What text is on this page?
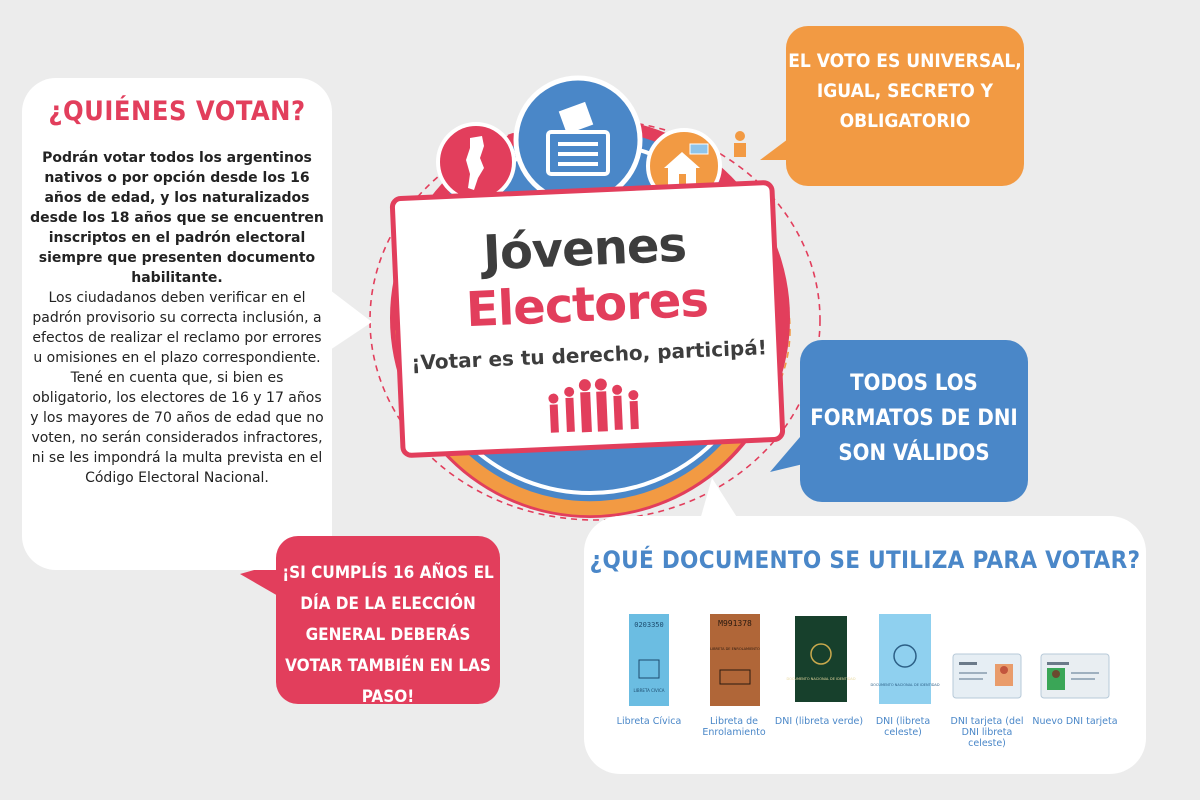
¿QUIÉNES VOTAN?
Podrán votar todos los argentinos nativos o por opción desde los 16 años de edad, y los naturalizados desde los 18 años que se encuentren inscriptos en el padrón electoral siempre que presenten documento habilitante.
Los ciudadanos deben verificar en el padrón provisorio su correcta inclusión, a efectos de realizar el reclamo por errores u omisiones en el plazo correspondiente.
Tené en cuenta que, si bien es obligatorio, los electores de 16 y 17 años y los mayores de 70 años de edad que no voten, no serán considerados infractores, ni se les impondrá la multa prevista en el Código Electoral Nacional.
Jóvenes
Electores
¡Votar es tu derecho, participá!
EL VOTO ES UNIVERSAL, IGUAL, SECRETO Y OBLIGATORIO
TODOS LOS FORMATOS DE DNI SON VÁLIDOS
¡SI CUMPLÍS 16 AÑOS EL DÍA DE LA ELECCIÓN GENERAL DEBERÁS VOTAR TAMBIÉN EN LAS PASO!
¿QUÉ DOCUMENTO SE UTILIZA PARA VOTAR?
0203350
LIBRETA CIVICA
Libreta Cívica
M991378
LIBRETA DE ENROLAMIENTO
Libreta de Enrolamiento
DOCUMENTO NACIONAL DE IDENTIDAD
DNI (libreta verde)
DOCUMENTO NACIONAL DE IDENTIDAD
DNI (libreta celeste)
DNI tarjeta (del DNI libreta celeste)
Nuevo DNI tarjeta
